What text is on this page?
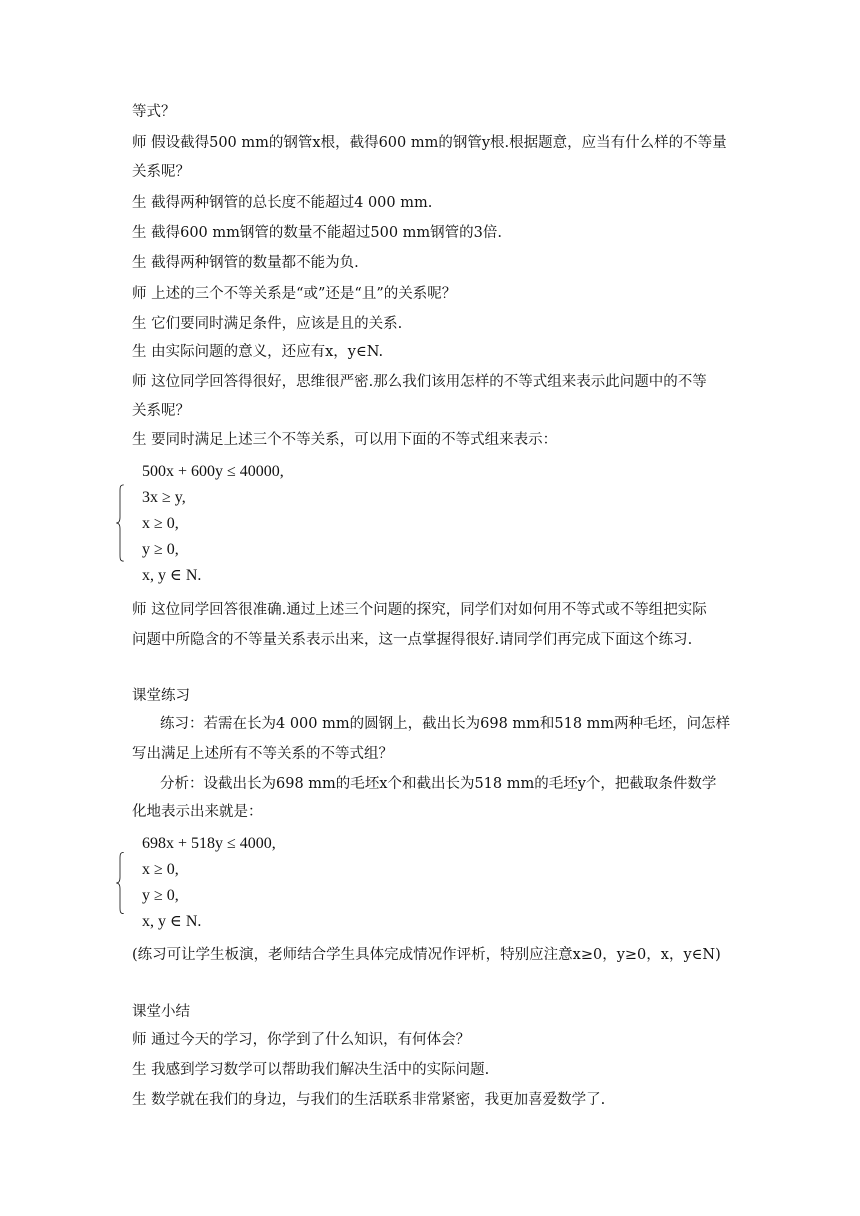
等式？
师 假设截得500 mm的钢管x根，截得600 mm的钢管y根.根据题意，应当有什么样的不等量
关系呢？
生 截得两种钢管的总长度不能超过4 000 mm.
生 截得600 mm钢管的数量不能超过500 mm钢管的3倍.
生 截得两种钢管的数量都不能为负.
师 上述的三个不等关系是“或”还是“且”的关系呢？
生 它们要同时满足条件，应该是且的关系.
生 由实际问题的意义，还应有x，y∈N.
师 这位同学回答得很好，思维很严密.那么我们该用怎样的不等式组来表示此问题中的不等
关系呢？
生 要同时满足上述三个不等关系，可以用下面的不等式组来表示：
500x + 600y ≤ 40000,
3x ≥ y,
x ≥ 0,
y ≥ 0,
x, y ∈ N.
师 这位同学回答很准确.通过上述三个问题的探究，同学们对如何用不等式或不等组把实际
问题中所隐含的不等量关系表示出来，这一点掌握得很好.请同学们再完成下面这个练习.
课堂练习
练习：若需在长为4 000 mm的圆钢上，截出长为698 mm和518 mm两种毛坯，问怎样
写出满足上述所有不等关系的不等式组？
分析：设截出长为698 mm的毛坯x个和截出长为518 mm的毛坯y个，把截取条件数学
化地表示出来就是：
698x + 518y ≤ 4000,
x ≥ 0,
y ≥ 0,
x, y ∈ N.
(练习可让学生板演，老师结合学生具体完成情况作评析，特别应注意x≥0，y≥0，x，y∈N)
课堂小结
师 通过今天的学习，你学到了什么知识，有何体会？
生 我感到学习数学可以帮助我们解决生活中的实际问题.
生 数学就在我们的身边，与我们的生活联系非常紧密，我更加喜爱数学了.
